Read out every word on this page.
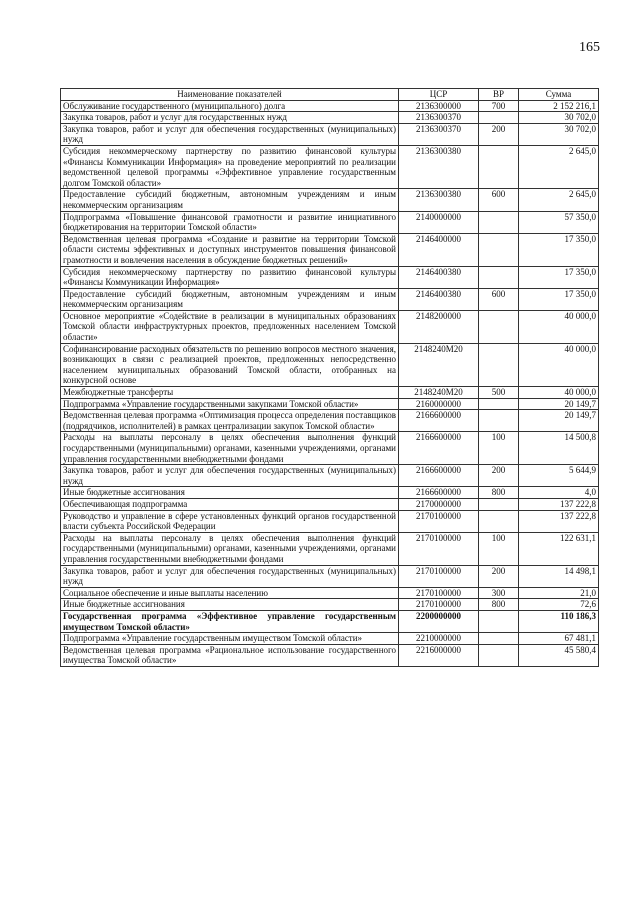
165
Наименование показателей	ЦСР	ВР	Сумма
Обслуживание государственного (муниципального) долга	2136300000	700	2 152 216,1
Закупка товаров, работ и услуг для государственных нужд	2136300370		30 702,0
Закупка товаров, работ и услуг для обеспечения государственных (муниципальных) нужд	2136300370	200	30 702,0
Субсидия некоммерческому партнерству по развитию финансовой культуры «Финансы Коммуникации Информация» на проведение мероприятий по реализации ведомственной целевой программы «Эффективное управление государственным долгом Томской области»	2136300380		2 645,0
Предоставление субсидий бюджетным, автономным учреждениям и иным некоммерческим организациям	2136300380	600	2 645,0
Подпрограмма «Повышение финансовой грамотности и развитие инициативного бюджетирования на территории Томской области»	2140000000		57 350,0
Ведомственная целевая программа «Создание и развитие на территории Томской области системы эффективных и доступных инструментов повышения финансовой грамотности и вовлечения населения в обсуждение бюджетных решений»	2146400000		17 350,0
Субсидия некоммерческому партнерству по развитию финансовой культуры «Финансы Коммуникации Информация»	2146400380		17 350,0
Предоставление субсидий бюджетным, автономным учреждениям и иным некоммерческим организациям	2146400380	600	17 350,0
Основное мероприятие «Содействие в реализации в муниципальных образованиях Томской области инфраструктурных проектов, предложенных населением Томской области»	2148200000		40 000,0
Софинансирование расходных обязательств по решению вопросов местного значения, возникающих в связи с реализацией проектов, предложенных непосредственно населением муниципальных образований Томской области, отобранных на конкурсной основе	2148240М20		40 000,0
Межбюджетные трансферты	2148240М20	500	40 000,0
Подпрограмма «Управление государственными закупками Томской области»	2160000000		20 149,7
Ведомственная целевая программа «Оптимизация процесса определения поставщиков (подрядчиков, исполнителей) в рамках централизации закупок Томской области»	2166600000		20 149,7
Расходы на выплаты персоналу в целях обеспечения выполнения функций государственными (муниципальными) органами, казенными учреждениями, органами управления государственными внебюджетными фондами	2166600000	100	14 500,8
Закупка товаров, работ и услуг для обеспечения государственных (муниципальных) нужд	2166600000	200	5 644,9
Иные бюджетные ассигнования	2166600000	800	4,0
Обеспечивающая подпрограмма	2170000000		137 222,8
Руководство и управление в сфере установленных функций органов государственной власти субъекта Российской Федерации	2170100000		137 222,8
Расходы на выплаты персоналу в целях обеспечения выполнения функций государственными (муниципальными) органами, казенными учреждениями, органами управления государственными внебюджетными фондами	2170100000	100	122 631,1
Закупка товаров, работ и услуг для обеспечения государственных (муниципальных) нужд	2170100000	200	14 498,1
Социальное обеспечение и иные выплаты населению	2170100000	300	21,0
Иные бюджетные ассигнования	2170100000	800	72,6
Государственная программа «Эффективное управление государственным имуществом Томской области»	2200000000		110 186,3
Подпрограмма «Управление государственным имуществом Томской области»	2210000000		67 481,1
Ведомственная целевая программа «Рациональное использование государственного имущества Томской области»	2216000000		45 580,4
